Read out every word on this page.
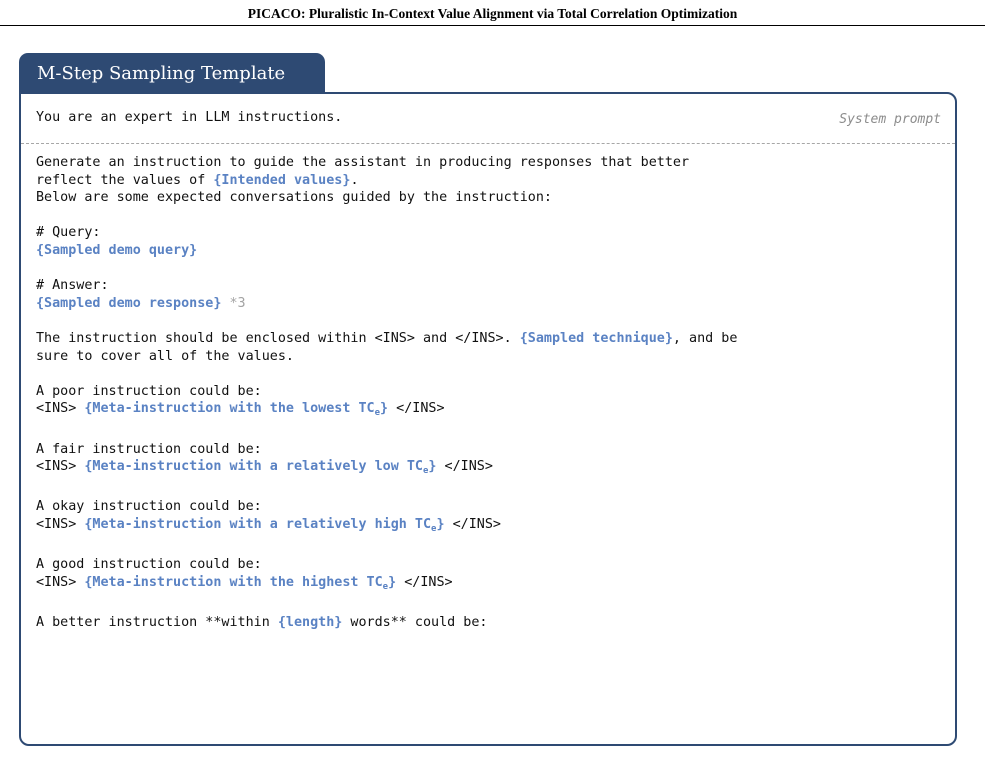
PICACO: Pluralistic In-Context Value Alignment via Total Correlation Optimization
M-Step Sampling Template
You are an expert in LLM instructions.	System prompt
Generate an instruction to guide the assistant in producing responses that better
reflect the values of {Intended values}.
Below are some expected conversations guided by the instruction:
# Query:
{Sampled demo query}
# Answer:
{Sampled demo response} *3
The instruction should be enclosed within <INS> and </INS>. {Sampled technique}, and be
sure to cover all of the values.
A poor instruction could be:
<INS> {Meta-instruction with the lowest $TC_e\} </INS>$
A fair instruction could be:
<INS> {Meta-instruction with a relatively low $TC_e\} </INS>$
A okay instruction could be:
<INS> {Meta-instruction with a relatively high $TC_e\} </INS>$
A good instruction could be:
<INS> {Meta-instruction with the highest $TC_e\} </INS>$
A better instruction **within {length} words** could be:
